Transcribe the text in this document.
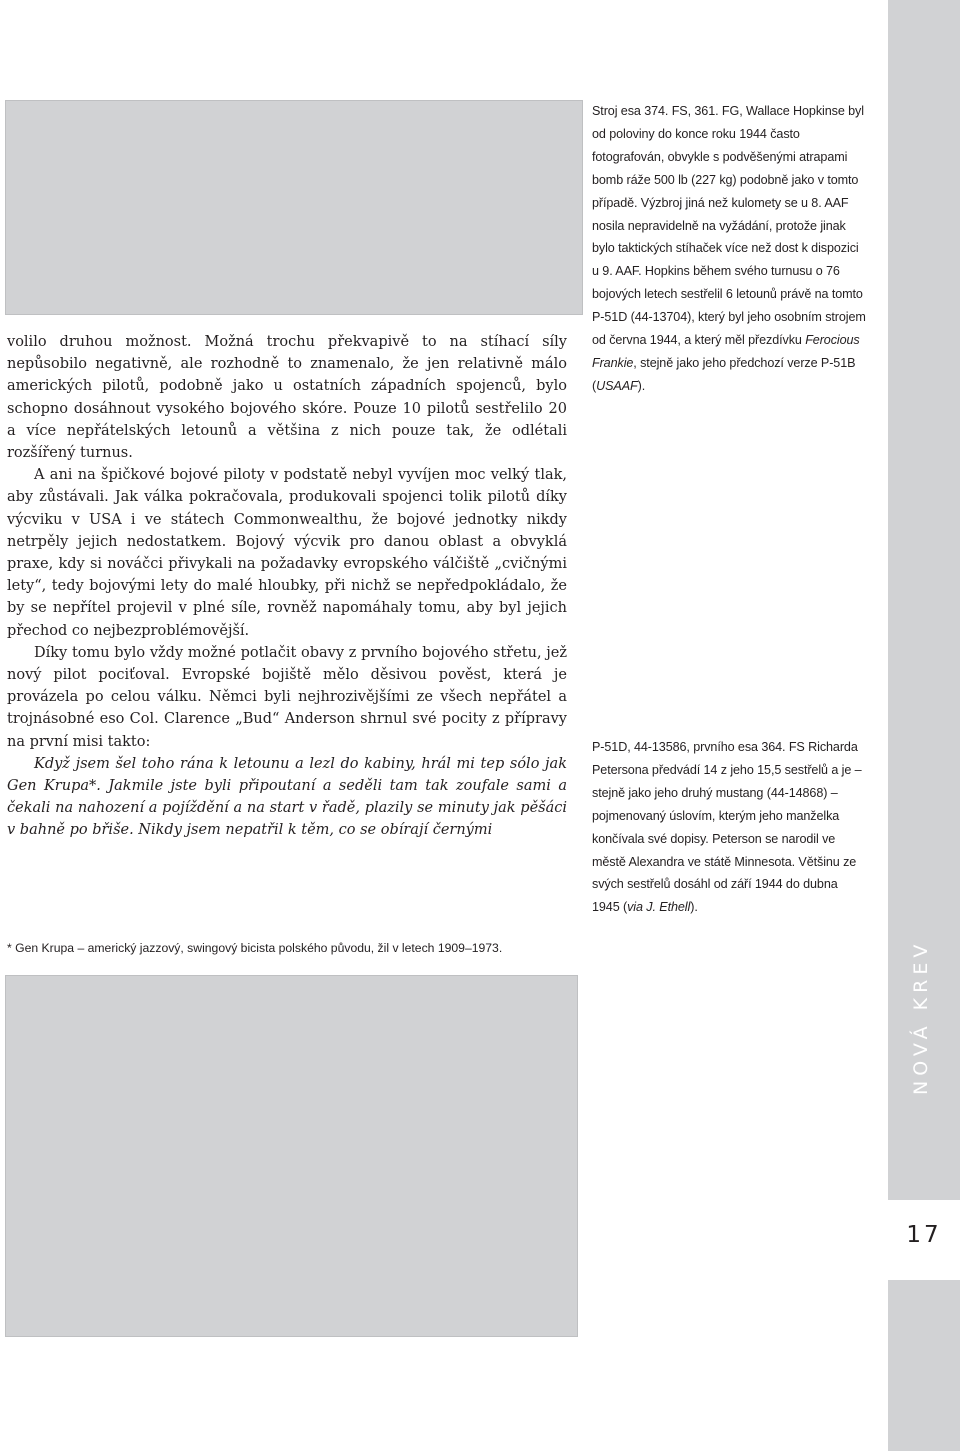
NOVÁ KREV
17

volilo druhou možnost. Možná trochu překvapivě to na stíhací síly nepůsobilo negativně, ale rozhodně to znamenalo, že jen relativně málo amerických pilotů, podobně jako u ostatních západních spojenců, bylo schopno dosáhnout vysokého bojového skóre. Pouze 10 pilotů sestřelilo 20 a více nepřátelských letounů a většina z nich pouze tak, že odlétali rozšířený turnus.

A ani na špičkové bojové piloty v podstatě nebyl vyvíjen moc velký tlak, aby zůstávali. Jak válka pokračovala, produkovali spojenci tolik pilotů díky výcviku v USA i ve státech Commonwealthu, že bojové jednotky nikdy netrpěly jejich nedostatkem. Bojový výcvik pro danou oblast a obvyklá praxe, kdy si nováčci přivykali na požadavky evropského válčiště „cvičnými lety“, tedy bojovými lety do malé hloubky, při nichž se nepředpokládalo, že by se nepřítel projevil v plné síle, rovněž napomáhaly tomu, aby byl jejich přechod co nejbezproblémovější.

Díky tomu bylo vždy možné potlačit obavy z prvního bojového střetu, jež nový pilot pociťoval. Evropské bojiště mělo děsivou pověst, která je provázela po celou válku. Němci byli nejhrozivějšími ze všech nepřátel a trojnásobné eso Col. Clarence „Bud“ Anderson shrnul své pocity z přípravy na první misi takto:

Když jsem šel toho rána k letounu a lezl do kabiny, hrál mi tep sólo jak Gen Krupa*. Jakmile jste byli připoutaní a seděli tam tak zoufale sami a čekali na nahození a pojíždění a na start v řadě, plazily se minuty jak pěšáci v bahně po břiše. Nikdy jsem nepatřil k těm, co se obírají černými

* Gen Krupa – americký jazzový, swingový bicista polského původu, žil v letech 1909–1973.

Stroj esa 374. FS, 361. FG, Wallace Hopkinse byl od poloviny do konce roku 1944 často fotografován, obvykle s podvěšenými atrapami bomb ráže 500 lb (227 kg) podobně jako v tomto případě. Výzbroj jiná než kulomety se u 8. AAF nosila nepravidelně na vyžádání, protože jinak bylo taktických stíhaček více než dost k dispozici u 9. AAF. Hopkins během svého turnusu o 76 bojových letech sestřelil 6 letounů právě na tomto P-51D (44-13704), který byl jeho osobním strojem od června 1944, a který měl přezdívku Ferocious Frankie, stejně jako jeho předchozí verze P-51B (USAAF).

P-51D, 44-13586, prvního esa 364. FS Richarda Petersona předvádí 14 z jeho 15,5 sestřelů a je – stejně jako jeho druhý mustang (44-14868) – pojmenovaný úslovím, kterým jeho manželka končívala své dopisy. Peterson se narodil ve městě Alexandra ve státě Minnesota. Většinu ze svých sestřelů dosáhl od září 1944 do dubna 1945 (via J. Ethell).
